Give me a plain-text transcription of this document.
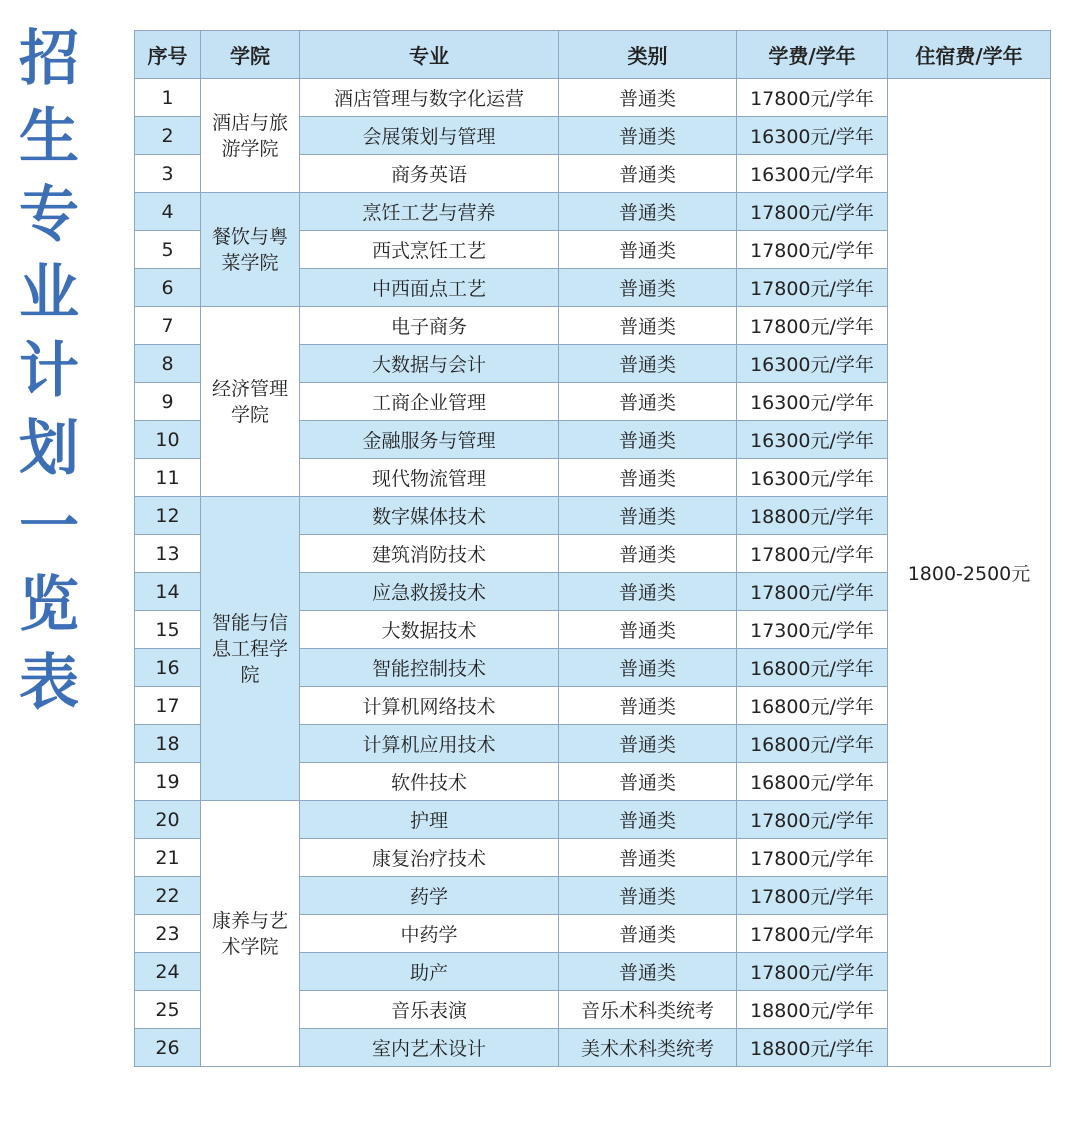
招
生
专
业
计
划
一
览
表
序号	学院	专业	类别	学费/学年	住宿费/学年
1	酒店与旅游学院	酒店管理与数字化运营	普通类	17800元/学年	1800-2500元
2		会展策划与管理	普通类	16300元/学年	
3		商务英语	普通类	16300元/学年	
4	餐饮与粤菜学院	烹饪工艺与营养	普通类	17800元/学年	
5		西式烹饪工艺	普通类	17800元/学年	
6		中西面点工艺	普通类	17800元/学年	
7	经济管理学院	电子商务	普通类	17800元/学年	
8		大数据与会计	普通类	16300元/学年	
9		工商企业管理	普通类	16300元/学年	
10		金融服务与管理	普通类	16300元/学年	
11		现代物流管理	普通类	16300元/学年	
12	智能与信息工程学院	数字媒体技术	普通类	18800元/学年	
13		建筑消防技术	普通类	17800元/学年	
14		应急救援技术	普通类	17800元/学年	
15		大数据技术	普通类	17300元/学年	
16		智能控制技术	普通类	16800元/学年	
17		计算机网络技术	普通类	16800元/学年	
18		计算机应用技术	普通类	16800元/学年	
19		软件技术	普通类	16800元/学年	
20	康养与艺术学院	护理	普通类	17800元/学年	
21		康复治疗技术	普通类	17800元/学年	
22		药学	普通类	17800元/学年	
23		中药学	普通类	17800元/学年	
24		助产	普通类	17800元/学年	
25		音乐表演	音乐术科类统考	18800元/学年	
26		室内艺术设计	美术术科类统考	18800元/学年	
